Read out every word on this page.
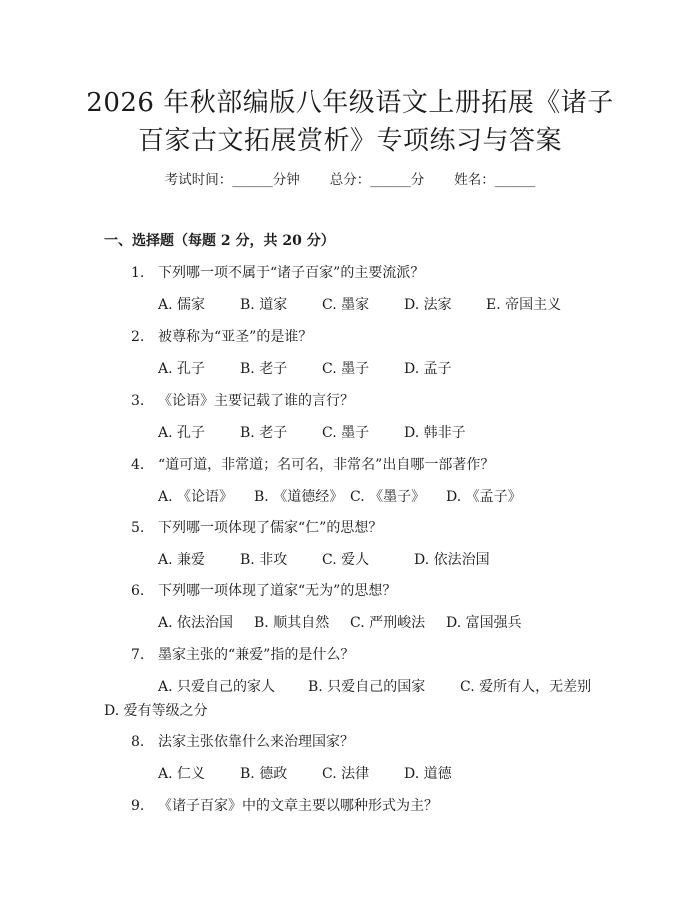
2026 年秋部编版八年级语文上册拓展《诸子
百家古文拓展赏析》专项练习与答案
考试时间：______分钟 总分：______分 姓名：______
一、选择题（每题 2 分，共 20 分）
1. 下列哪一项不属于“诸子百家”的主要流派？
A. 儒家 B. 道家 C. 墨家 D. 法家 E. 帝国主义
2. 被尊称为“亚圣”的是谁？
A. 孔子 B. 老子 C. 墨子 D. 孟子
3. 《论语》主要记载了谁的言行？
A. 孔子 B. 老子 C. 墨子 D. 韩非子
4. “道可道，非常道；名可名，非常名”出自哪一部著作？
A. 《论语》 B. 《道德经》 C. 《墨子》 D. 《孟子》
5. 下列哪一项体现了儒家“仁”的思想？
A. 兼爱 B. 非攻 C. 爱人	D. 依法治国
6. 下列哪一项体现了道家“无为”的思想？
A. 依法治国 B. 顺其自然 C. 严刑峻法 D. 富国强兵
7. 墨家主张的“兼爱”指的是什么？
A. 只爱自己的家人 B. 只爱自己的国家 C. 爱所有人，无差别
D. 爱有等级之分
8. 法家主张依靠什么来治理国家？
A. 仁义 B. 德政 C. 法律 D. 道德
9. 《诸子百家》中的文章主要以哪种形式为主？
